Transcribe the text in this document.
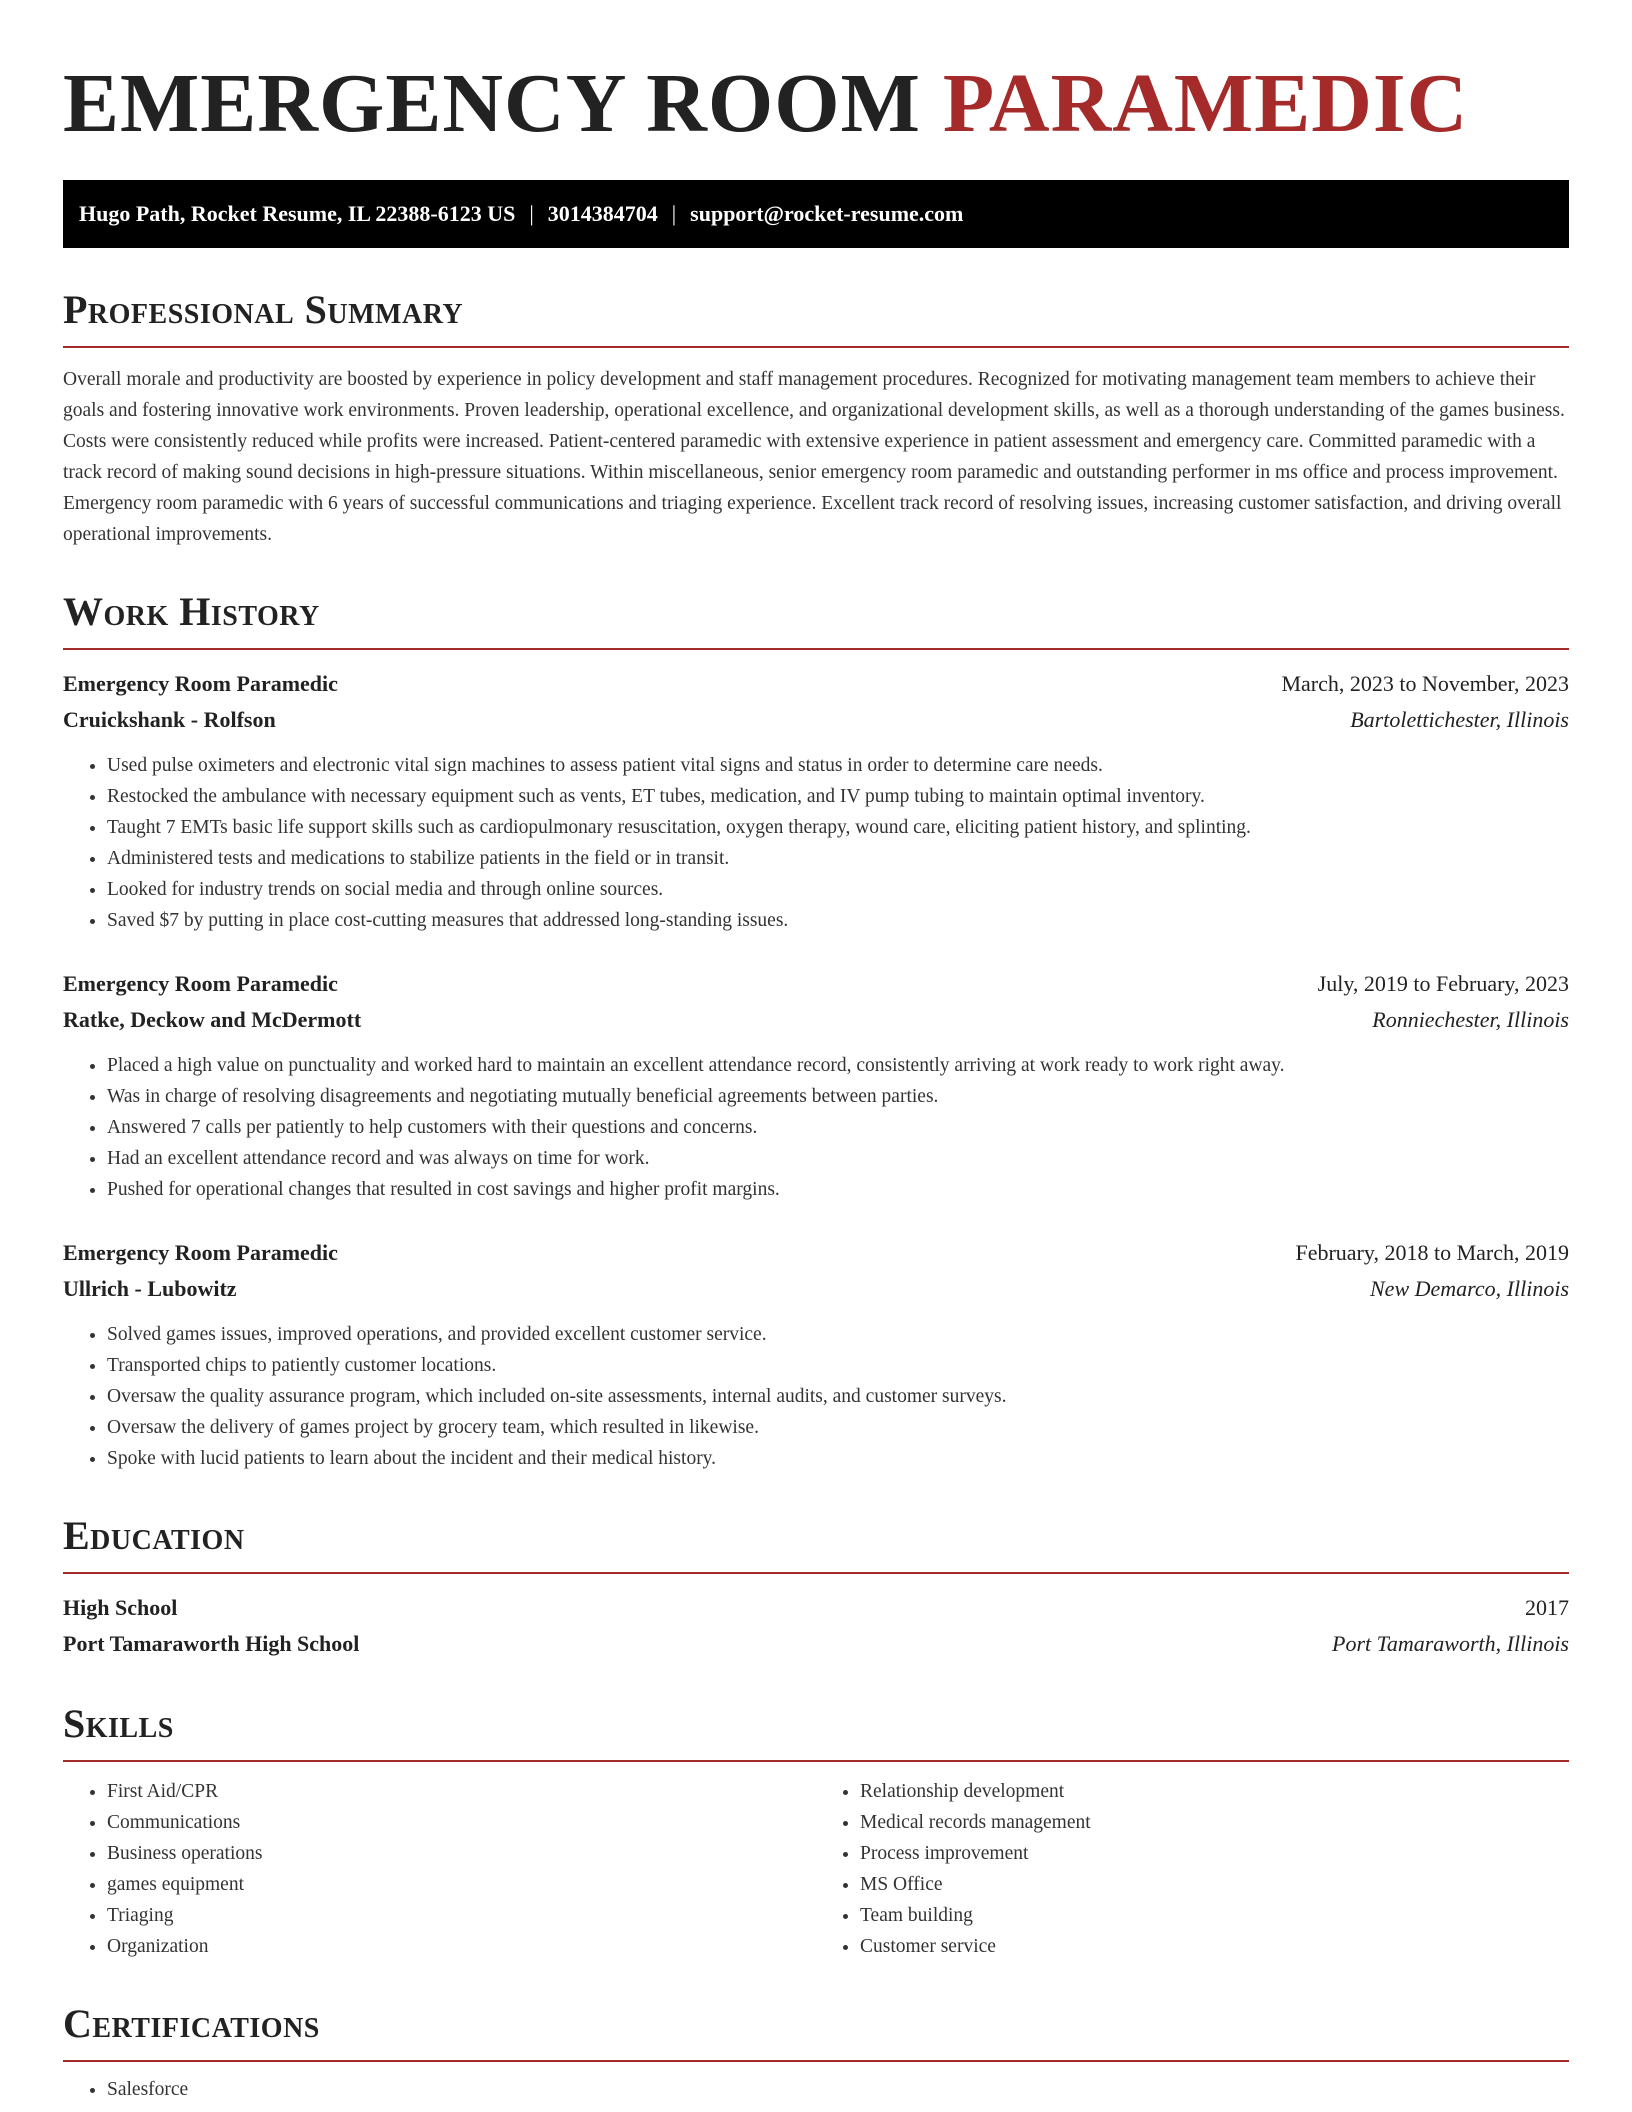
EMERGENCY ROOM PARAMEDIC
Hugo Path, Rocket Resume, IL 22388-6123 US | 3014384704 | support@rocket-resume.com
Professional Summary
Overall morale and productivity are boosted by experience in policy development and staff management procedures. Recognized for motivating management team members to achieve their goals and fostering innovative work environments. Proven leadership, operational excellence, and organizational development skills, as well as a thorough understanding of the games business. Costs were consistently reduced while profits were increased. Patient-centered paramedic with extensive experience in patient assessment and emergency care. Committed paramedic with a track record of making sound decisions in high-pressure situations. Within miscellaneous, senior emergency room paramedic and outstanding performer in ms office and process improvement. Emergency room paramedic with 6 years of successful communications and triaging experience. Excellent track record of resolving issues, increasing customer satisfaction, and driving overall operational improvements.
Work History
Emergency Room Paramedic	March, 2023 to November, 2023
Cruickshank - Rolfson	Bartolettichester, Illinois
• Used pulse oximeters and electronic vital sign machines to assess patient vital signs and status in order to determine care needs.
• Restocked the ambulance with necessary equipment such as vents, ET tubes, medication, and IV pump tubing to maintain optimal inventory.
• Taught 7 EMTs basic life support skills such as cardiopulmonary resuscitation, oxygen therapy, wound care, eliciting patient history, and splinting.
• Administered tests and medications to stabilize patients in the field or in transit.
• Looked for industry trends on social media and through online sources.
• Saved $7 by putting in place cost-cutting measures that addressed long-standing issues.
Emergency Room Paramedic	July, 2019 to February, 2023
Ratke, Deckow and McDermott	Ronniechester, Illinois
• Placed a high value on punctuality and worked hard to maintain an excellent attendance record, consistently arriving at work ready to work right away.
• Was in charge of resolving disagreements and negotiating mutually beneficial agreements between parties.
• Answered 7 calls per patiently to help customers with their questions and concerns.
• Had an excellent attendance record and was always on time for work.
• Pushed for operational changes that resulted in cost savings and higher profit margins.
Emergency Room Paramedic	February, 2018 to March, 2019
Ullrich - Lubowitz	New Demarco, Illinois
• Solved games issues, improved operations, and provided excellent customer service.
• Transported chips to patiently customer locations.
• Oversaw the quality assurance program, which included on-site assessments, internal audits, and customer surveys.
• Oversaw the delivery of games project by grocery team, which resulted in likewise.
• Spoke with lucid patients to learn about the incident and their medical history.
Education
High School	2017
Port Tamaraworth High School	Port Tamaraworth, Illinois
Skills
• First Aid/CPR
• Communications
• Business operations
• games equipment
• Triaging
• Organization
• Relationship development
• Medical records management
• Process improvement
• MS Office
• Team building
• Customer service
Certifications
• Salesforce
